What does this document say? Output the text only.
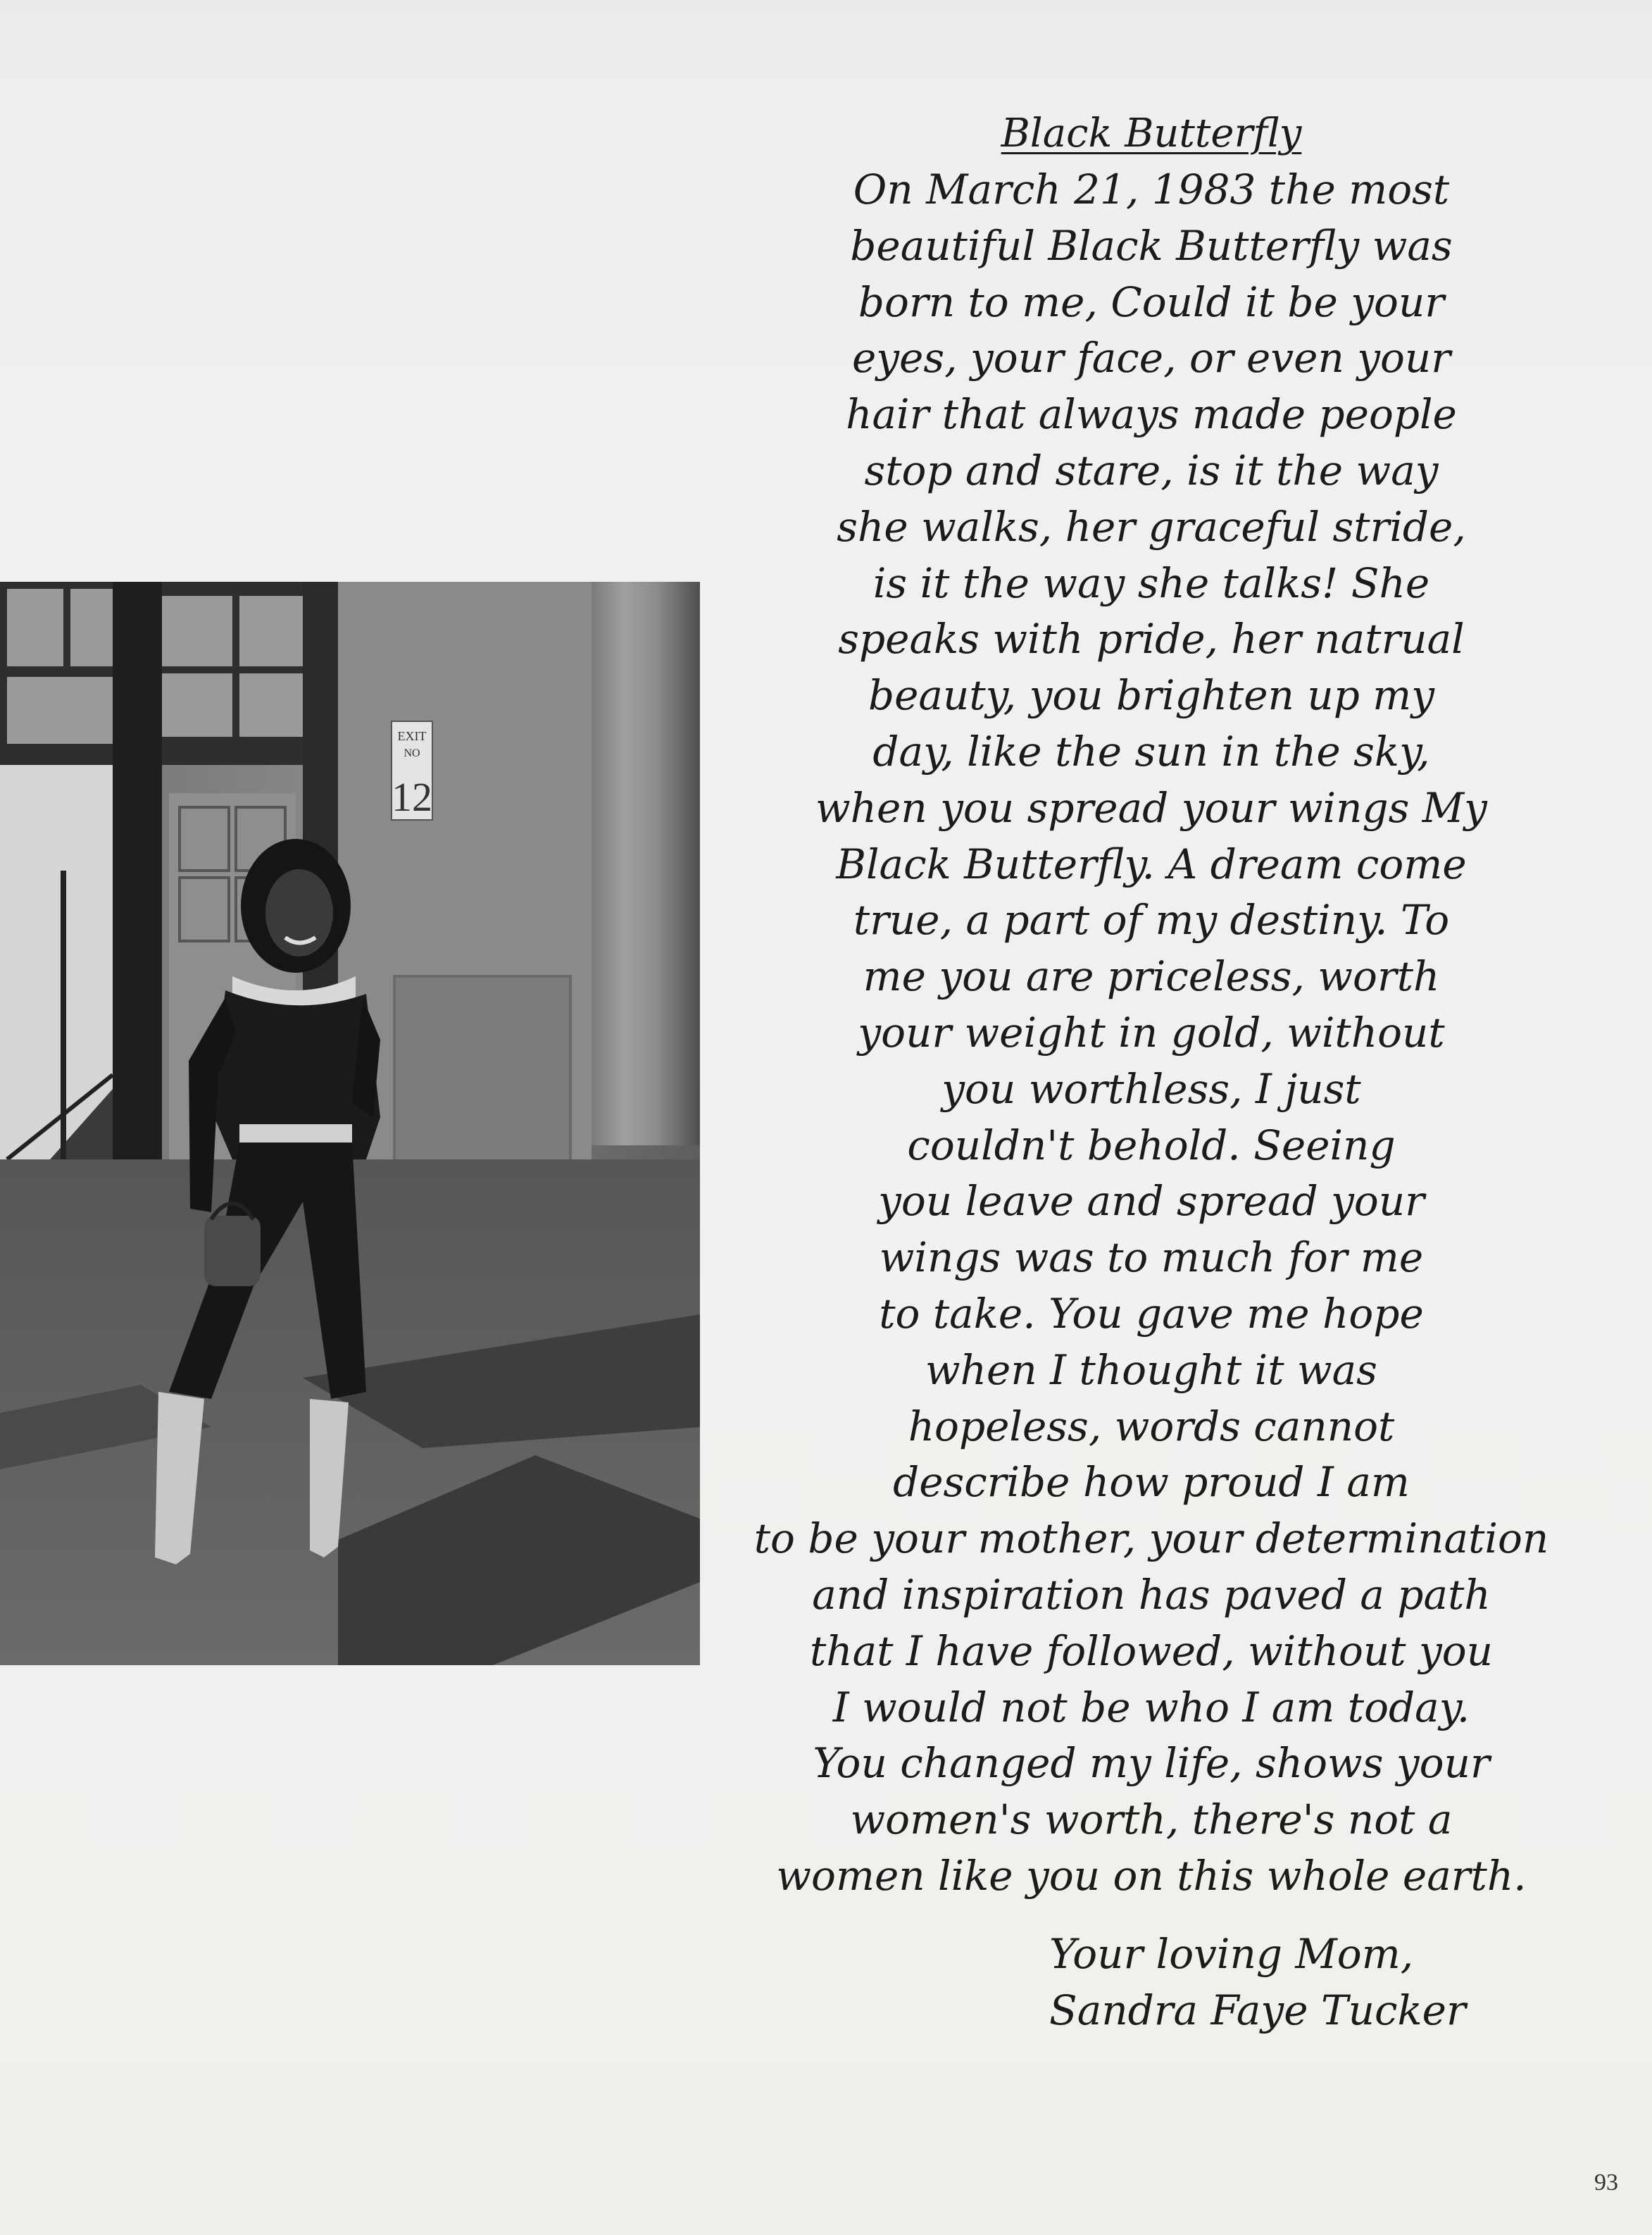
EXIT
NO
12
Black Butterfly
On March 21, 1983 the most
beautiful Black Butterfly was
born to me, Could it be your
eyes, your face, or even your
hair that always made people
stop and stare, is it the way
she walks, her graceful stride,
is it the way she talks! She
speaks with pride, her natrual
beauty, you brighten up my
day, like the sun in the sky,
when you spread your wings My
Black Butterfly. A dream come
true, a part of my destiny. To
me you are priceless, worth
your weight in gold, without
you worthless, I just
couldn't behold. Seeing
you leave and spread your
wings was to much for me
to take. You gave me hope
when I thought it was
hopeless, words cannot
describe how proud I am
to be your mother, your determination
and inspiration has paved a path
that I have followed, without you
I would not be who I am today.
You changed my life, shows your
women's worth, there's not a
women like you on this whole earth.
Your loving Mom,
Sandra Faye Tucker
93
